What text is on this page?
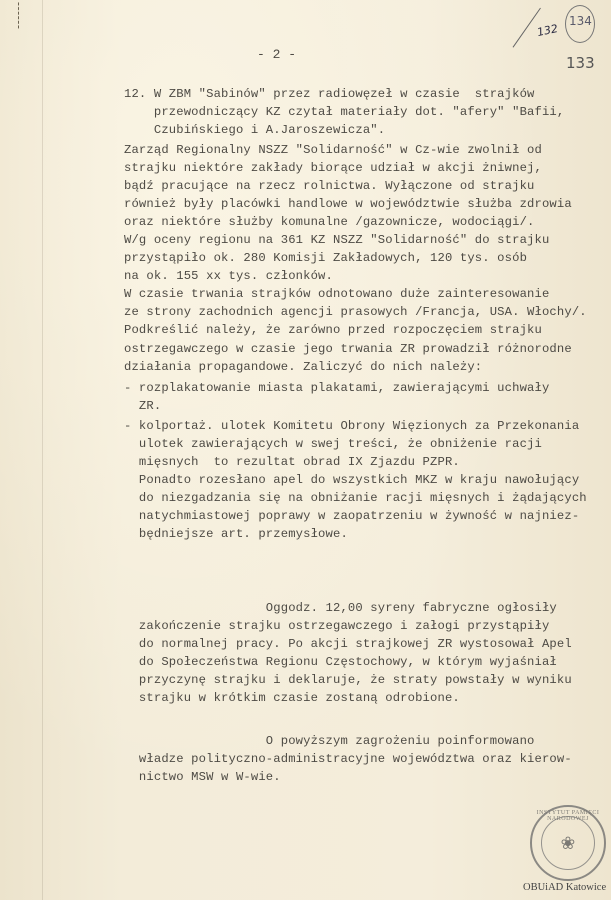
- 2 -
132
134
133

12. W ZBM "Sabinów" przez radiowęzeł w czasie  strajków

przewodniczący KZ czytał materiały dot. "afery" "Bafii,

Czubińskiego i A.Jaroszewicza".

Zarząd Regionalny NSZZ "Solidarność" w Cz-wie zwolnił od

strajku niektóre zakłady biorące udział w akcji żniwnej,

bądź pracujące na rzecz rolnictwa. Wyłączone od strajku

również były placówki handlowe w województwie służba zdrowia

oraz niektóre służby komunalne /gazownicze, wodociągi/.

W/g oceny regionu na 361 KZ NSZZ "Solidarność" do strajku

przystąpiło ok. 280 Komisji Zakładowych, 120 tys. osób

na ok. 155 xx tys. członków.

W czasie trwania strajków odnotowano duże zainteresowanie

ze strony zachodnich agencji prasowych /Francja, USA. Włochy/.

Podkreślić należy, że zarówno przed rozpoczęciem strajku

ostrzegawczego w czasie jego trwania ZR prowadził różnorodne

działania propagandowe. Zaliczyć do nich należy:

- rozplakatowanie miasta plakatami, zawierającymi uchwały

ZR.

- kolportaż. ulotek Komitetu Obrony Więzionych za Przekonania

ulotek zawierających w swej treści, że obniżenie racji

mięsnych  to rezultat obrad IX Zjazdu PZPR.

Ponadto rozesłano apel do wszystkich MKZ w kraju nawołujący

do niezgadzania się na obniżanie racji mięsnych i żądających

natychmiastowej poprawy w zaopatrzeniu w żywność w najniez-

będniejsze art. przemysłowe.

Oggodz. 12,00 syreny fabryczne ogłosiły

zakończenie strajku ostrzegawczego i załogi przystąpiły

do normalnej pracy. Po akcji strajkowej ZR wystosował Apel

do Społeczeństwa Regionu Częstochowy, w którym wyjaśniał

przyczynę strajku i deklaruje, że straty powstały w wyniku

strajku w krótkim czasie zostaną odrobione.

O powyższym zagrożeniu poinformowano

władze polityczno-administracyjne województwa oraz kierow-

nictwo MSW w W-wie.

INSTYTUT PAMIĘCI NARODOWEJ
❀
OBUiAD Katowice
